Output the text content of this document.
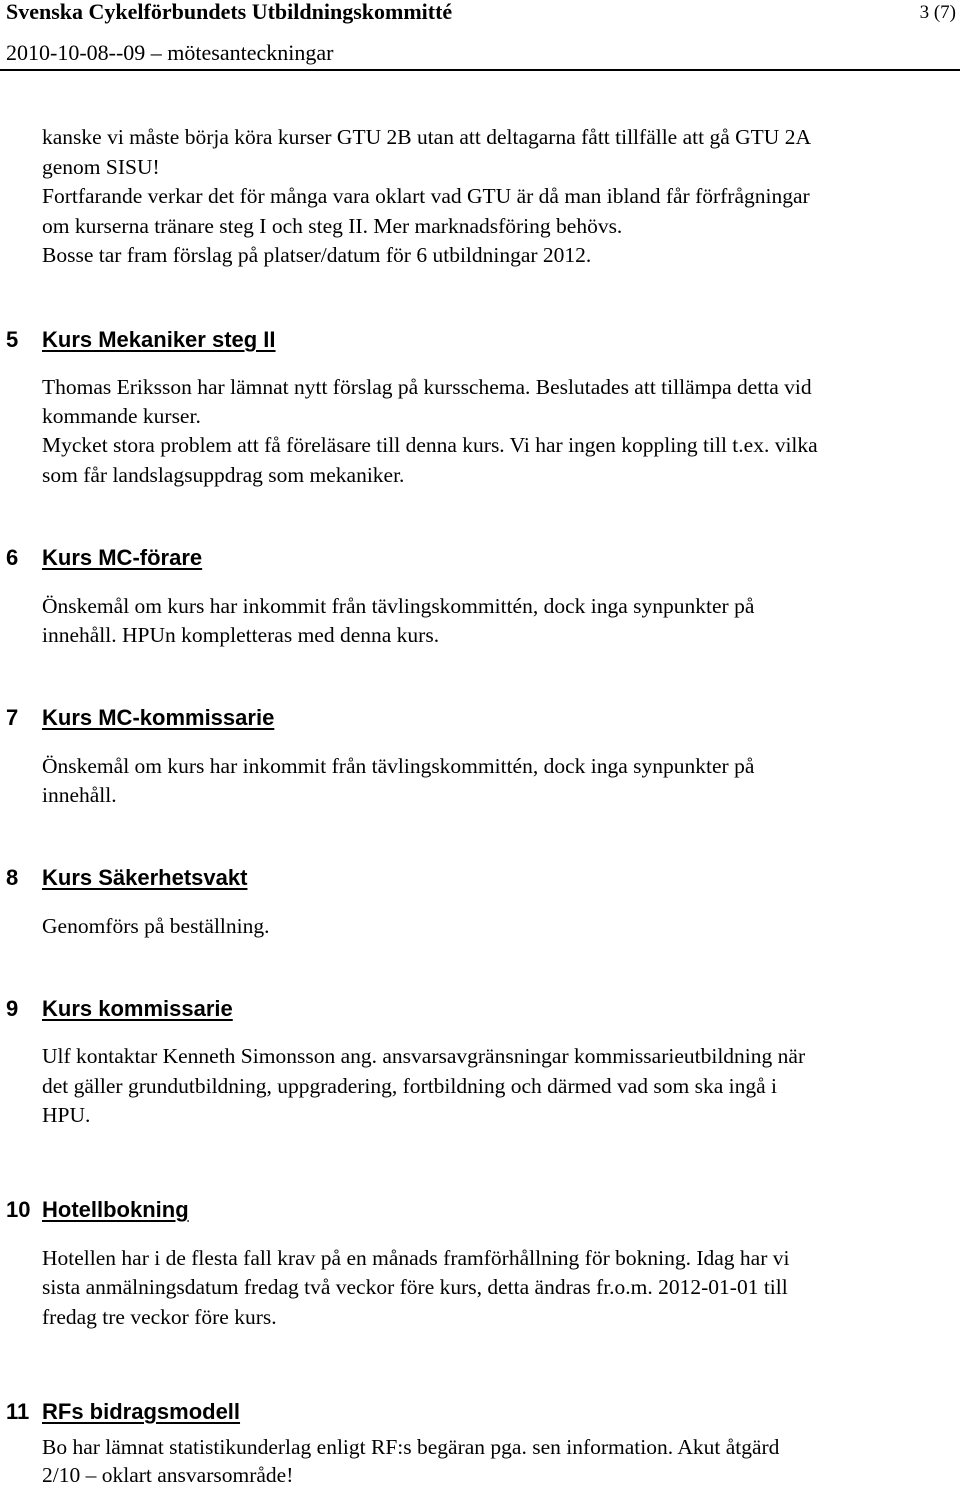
Svenska Cykelförbundets Utbildningskommitté	3 (7)
2010-10-08--09 – mötesanteckningar
kanske vi måste börja köra kurser GTU 2B utan att deltagarna fått tillfälle att gå GTU 2A
genom SISU!
Fortfarande verkar det för många vara oklart vad GTU är då man ibland får förfrågningar
om kurserna tränare steg I och steg II. Mer marknadsföring behövs.
Bosse tar fram förslag på platser/datum för 6 utbildningar 2012.
5 Kurs Mekaniker steg II
Thomas Eriksson har lämnat nytt förslag på kursschema. Beslutades att tillämpa detta vid
kommande kurser.
Mycket stora problem att få föreläsare till denna kurs. Vi har ingen koppling till t.ex. vilka
som får landslagsuppdrag som mekaniker.
6 Kurs MC-förare
Önskemål om kurs har inkommit från tävlingskommittén, dock inga synpunkter på
innehåll. HPUn kompletteras med denna kurs.
7 Kurs MC-kommissarie
Önskemål om kurs har inkommit från tävlingskommittén, dock inga synpunkter på
innehåll.
8 Kurs Säkerhetsvakt
Genomförs på beställning.
9 Kurs kommissarie
Ulf kontaktar Kenneth Simonsson ang. ansvarsavgränsningar kommissarieutbildning när
det gäller grundutbildning, uppgradering, fortbildning och därmed vad som ska ingå i
HPU.
10 Hotellbokning
Hotellen har i de flesta fall krav på en månads framförhållning för bokning. Idag har vi
sista anmälningsdatum fredag två veckor före kurs, detta ändras fr.o.m. 2012-01-01 till
fredag tre veckor före kurs.
11 RFs bidragsmodell
Bo har lämnat statistikunderlag enligt RF:s begäran pga. sen information. Akut åtgärd
2/10 – oklart ansvarsområde!
